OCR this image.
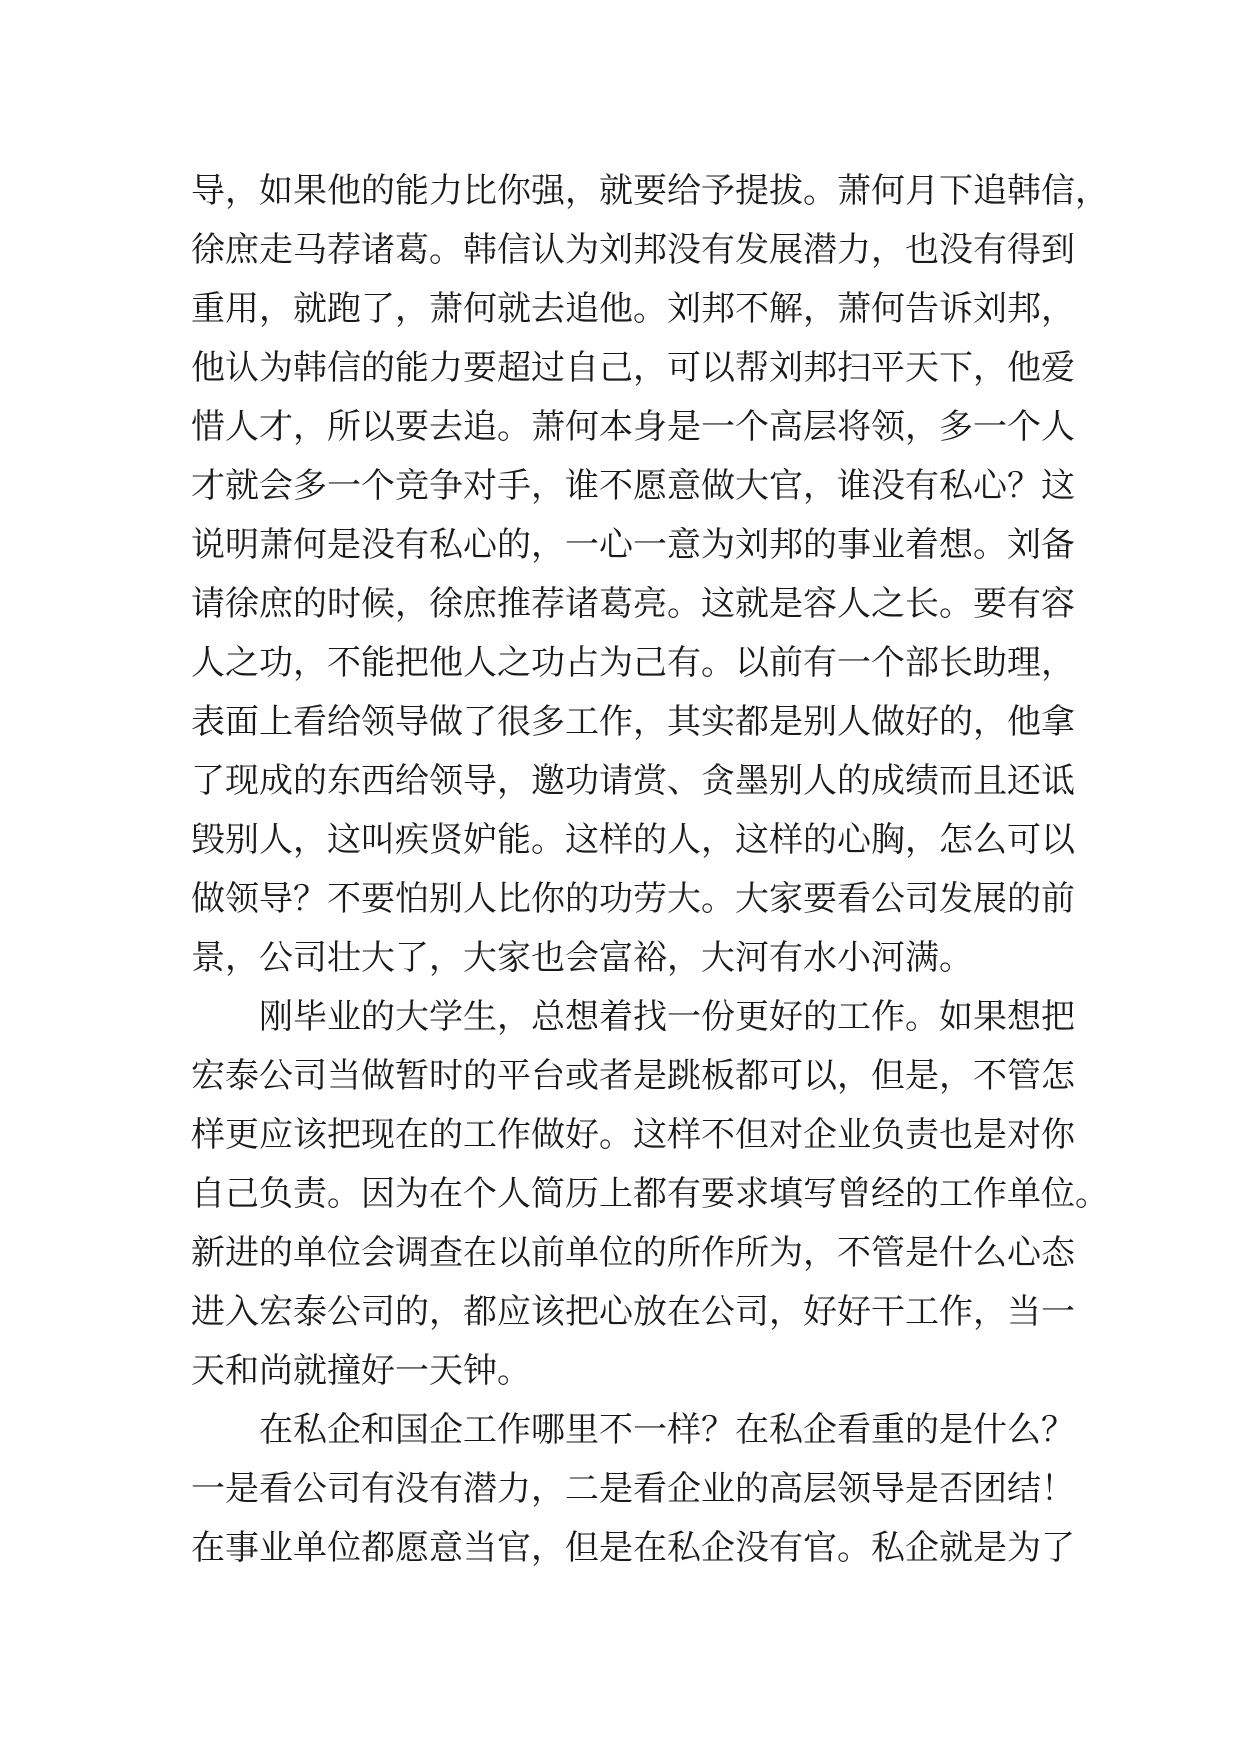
导，如果他的能力比你强，就要给予提拔。萧何月下追韩信，
徐庶走马荐诸葛。韩信认为刘邦没有发展潜力，也没有得到
重用，就跑了，萧何就去追他。刘邦不解，萧何告诉刘邦，
他认为韩信的能力要超过自己，可以帮刘邦扫平天下，他爱
惜人才，所以要去追。萧何本身是一个高层将领，多一个人
才就会多一个竞争对手，谁不愿意做大官，谁没有私心？这
说明萧何是没有私心的，一心一意为刘邦的事业着想。刘备
请徐庶的时候，徐庶推荐诸葛亮。这就是容人之长。要有容
人之功，不能把他人之功占为己有。以前有一个部长助理，
表面上看给领导做了很多工作，其实都是别人做好的，他拿
了现成的东西给领导，邀功请赏、贪墨别人的成绩而且还诋
毁别人，这叫疾贤妒能。这样的人，这样的心胸，怎么可以
做领导？不要怕别人比你的功劳大。大家要看公司发展的前
景，公司壮大了，大家也会富裕，大河有水小河满。
刚毕业的大学生，总想着找一份更好的工作。如果想把
宏泰公司当做暂时的平台或者是跳板都可以，但是，不管怎
样更应该把现在的工作做好。这样不但对企业负责也是对你
自己负责。因为在个人简历上都有要求填写曾经的工作单位。
新进的单位会调查在以前单位的所作所为，不管是什么心态
进入宏泰公司的，都应该把心放在公司，好好干工作，当一
天和尚就撞好一天钟。
在私企和国企工作哪里不一样？在私企看重的是什么？
一是看公司有没有潜力，二是看企业的高层领导是否团结！
在事业单位都愿意当官，但是在私企没有官。私企就是为了
